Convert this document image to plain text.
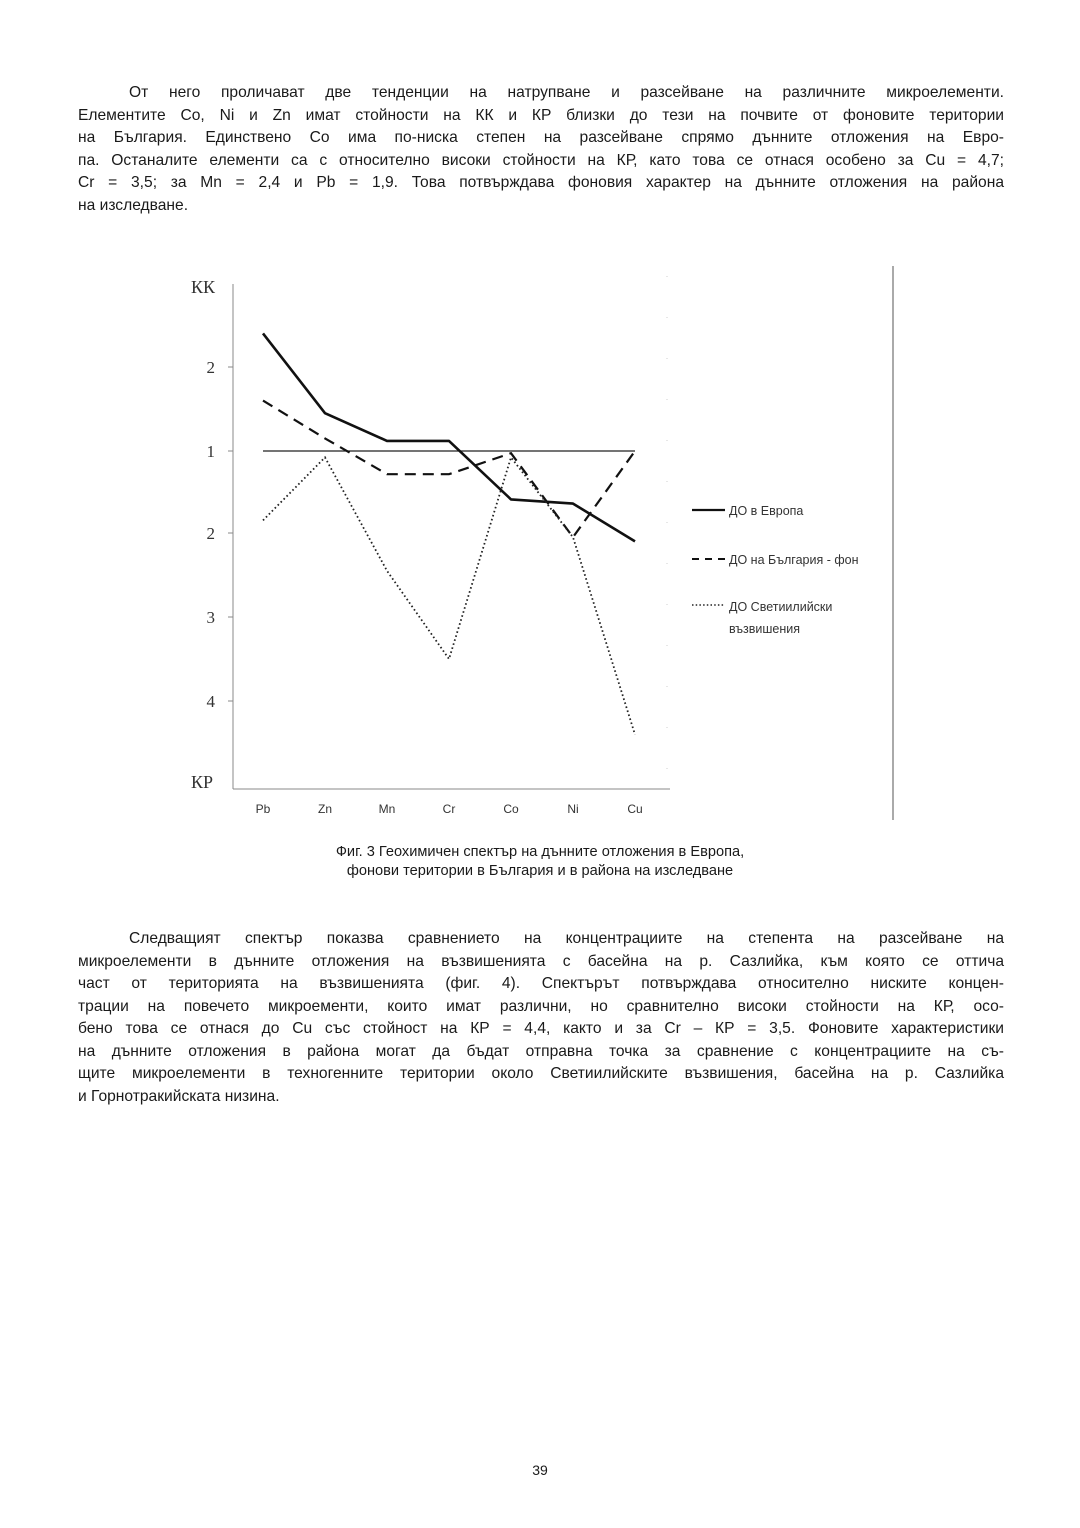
От него проличават две тенденции на натрупване и разсейване на различните микроелементи.
Елементите Co, Ni и Zn имат стойности на КК и КР близки до тези на почвите от фоновите територии
на България. Единствено Co има по-ниска степен на разсейване спрямо дънните отложения на Евро-
па. Останалите елементи са с относително високи стойности на КР, като това се отнася особено за Cu = 4,7;
Cr = 3,5; за Mn = 2,4 и Pb = 1,9. Това потвърждава фоновия характер на дънните отложения на района
на изследване.
КК
КР
2
1
2
3
4
Pb	Zn	Mn	Cr	Co	Ni	Cu
ДО в Европа
ДО на България - фон
ДО Светиилийски
възвишения
Фиг. 3 Геохимичен спектър на дънните отложения в Европа,
фонови територии в България и в района на изследване
Следващият спектър показва сравнението на концентрациите на степента на разсейване на
микроелементи в дънните отложения на възвишенията с басейна на р. Сазлийка, към която се оттича
част от територията на възвишенията (фиг. 4). Спектърът потвърждава относително ниските концен-
трации на повечето микроементи, които имат различни, но сравнително високи стойности на КР, осо-
бено това се отнася до Cu със стойност на КР = 4,4, както и за Cr – КР = 3,5. Фоновите характеристики
на дънните отложения в района могат да бъдат отправна точка за сравнение с концентрациите на съ-
щите микроелементи в техногенните територии около Светиилийските възвишения, басейна на р. Сазлийка
и Горнотракийската низина.
39
